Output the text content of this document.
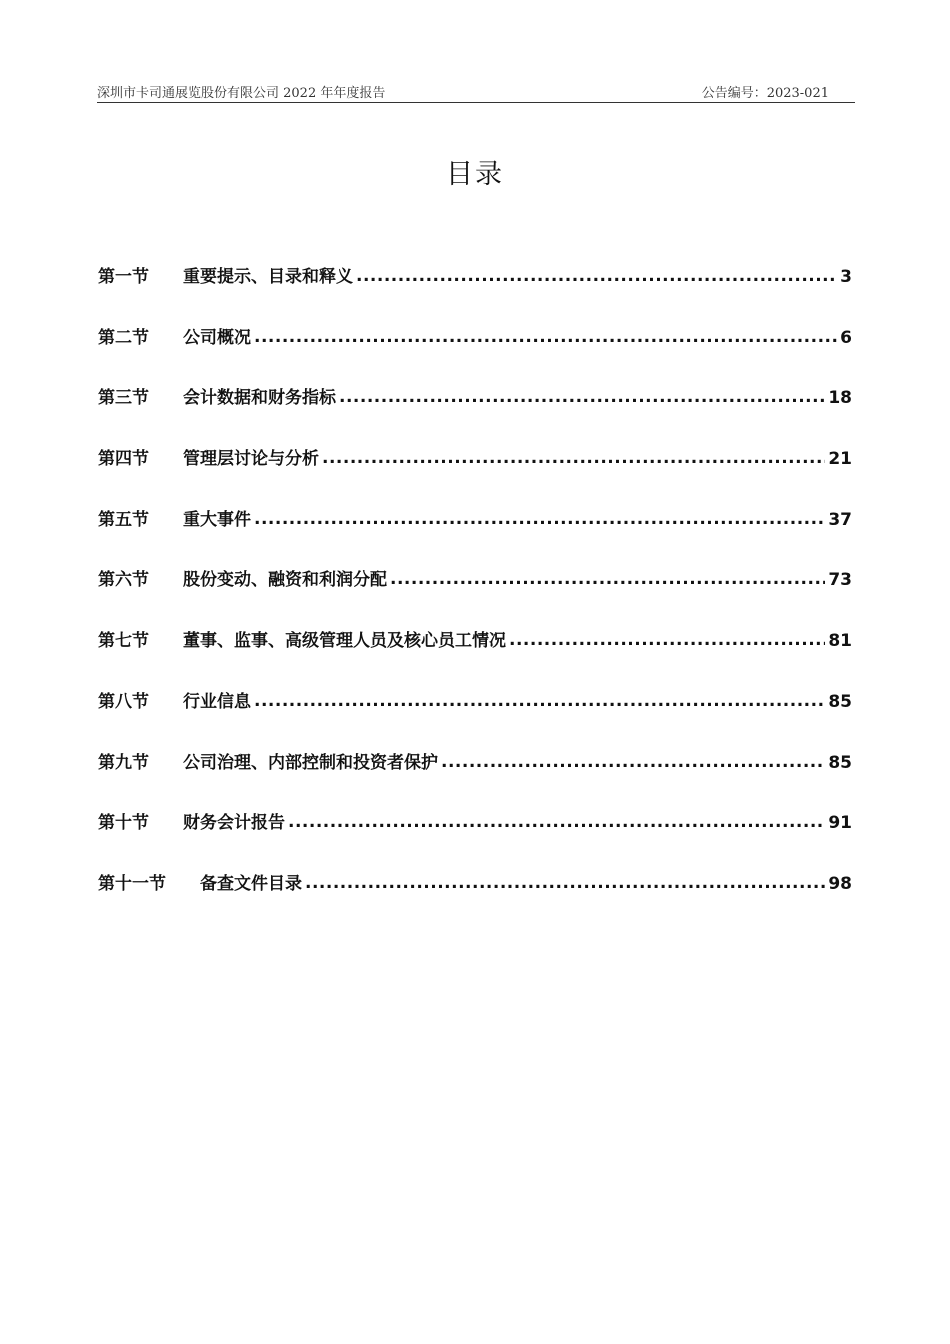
深圳市卡司通展览股份有限公司 2022 年年度报告	公告编号：2023-021
目录
第一节	重要提示、目录和释义 .....	3
第二节	公司概况 .....	6
第三节	会计数据和财务指标 .....	18
第四节	管理层讨论与分析 .....	21
第五节	重大事件 .....	37
第六节	股份变动、融资和利润分配 .....	73
第七节	董事、监事、高级管理人员及核心员工情况 .....	81
第八节	行业信息 .....	85
第九节	公司治理、内部控制和投资者保护 .....	85
第十节	财务会计报告 .....	91
第十一节	备查文件目录 .....	98
